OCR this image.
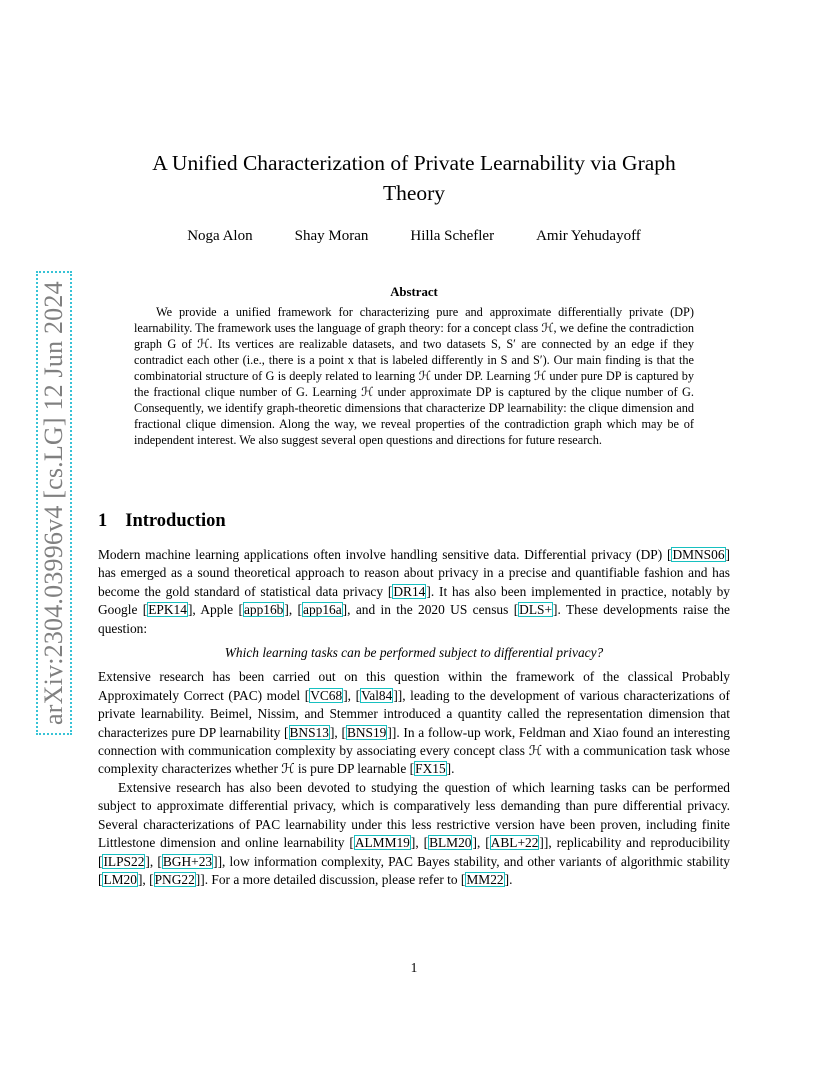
arXiv:2304.03996v4 [cs.LG] 12 Jun 2024
A Unified Characterization of Private Learnability via Graph Theory
Noga Alon	Shay Moran	Hilla Schefler	Amir Yehudayoff
Abstract

We provide a unified framework for characterizing pure and approximate differentially private (DP) learnability. The framework uses the language of graph theory: for a concept class ℋ, we define the contradiction graph G of ℋ. Its vertices are realizable datasets, and two datasets S, S′ are connected by an edge if they contradict each other (i.e., there is a point x that is labeled differently in S and S′). Our main finding is that the combinatorial structure of G is deeply related to learning ℋ under DP. Learning ℋ under pure DP is captured by the fractional clique number of G. Learning ℋ under approximate DP is captured by the clique number of G. Consequently, we identify graph-theoretic dimensions that characterize DP learnability: the clique dimension and fractional clique dimension. Along the way, we reveal properties of the contradiction graph which may be of independent interest. We also suggest several open questions and directions for future research.

1 Introduction

Modern machine learning applications often involve handling sensitive data. Differential privacy (DP) [DMNS06] has emerged as a sound theoretical approach to reason about privacy in a precise and quantifiable fashion and has become the gold standard of statistical data privacy [DR14]. It has also been implemented in practice, notably by Google [EPK14], Apple [app16b], [app16a], and in the 2020 US census [DLS+]. These developments raise the question:

Which learning tasks can be performed subject to differential privacy?

Extensive research has been carried out on this question within the framework of the classical Probably Approximately Correct (PAC) model [VC68], [Val84]], leading to the development of various characterizations of private learnability. Beimel, Nissim, and Stemmer introduced a quantity called the representation dimension that characterizes pure DP learnability [BNS13], [BNS19]]. In a follow-up work, Feldman and Xiao found an interesting connection with communication complexity by associating every concept class ℋ with a communication task whose complexity characterizes whether ℋ is pure DP learnable [FX15].

Extensive research has also been devoted to studying the question of which learning tasks can be performed subject to approximate differential privacy, which is comparatively less demanding than pure differential privacy. Several characterizations of PAC learnability under this less restrictive version have been proven, including finite Littlestone dimension and online learnability [ALMM19], [BLM20], [ABL+22]], replicability and reproducibility [ILPS22], [BGH+23]], low information complexity, PAC Bayes stability, and other variants of algorithmic stability [LM20], [PNG22]]. For a more detailed discussion, please refer to [MM22].

1
